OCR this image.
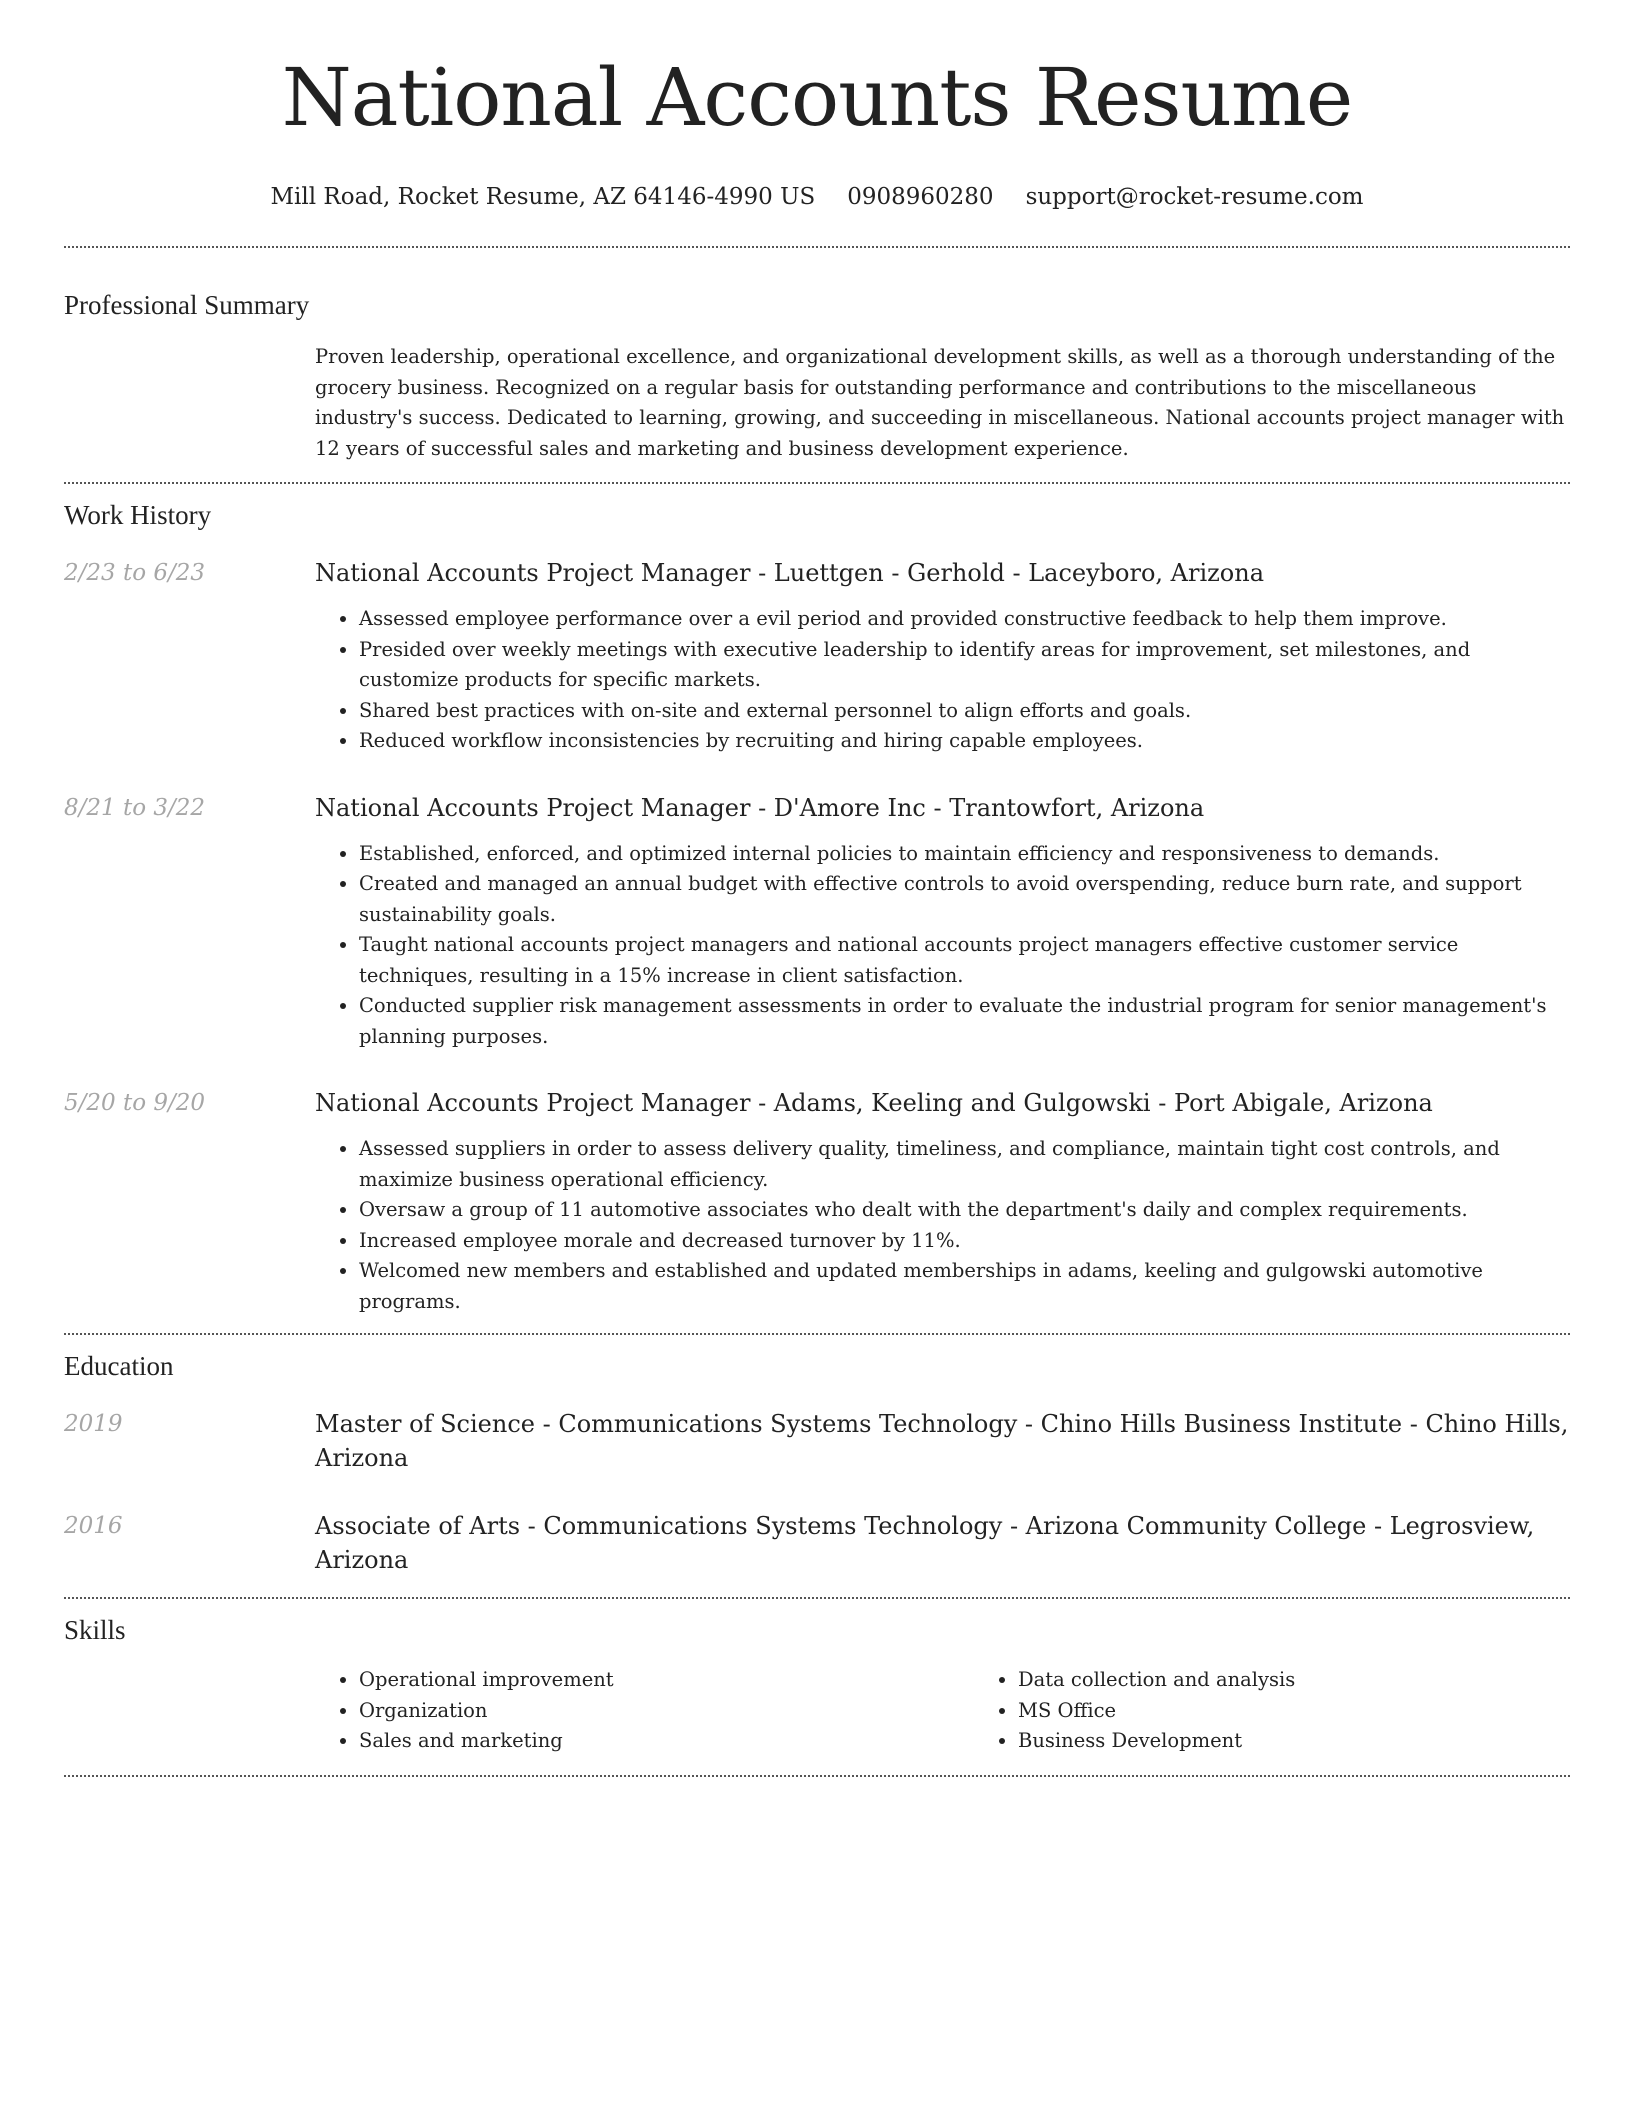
National Accounts Resume
Mill Road, Rocket Resume, AZ 64146-4990 US 0908960280 support@rocket-resume.com
Professional Summary
Proven leadership, operational excellence, and organizational development skills, as well as a thorough understanding of the grocery business. Recognized on a regular basis for outstanding performance and contributions to the miscellaneous industry's success. Dedicated to learning, growing, and succeeding in miscellaneous. National accounts project manager with 12 years of successful sales and marketing and business development experience.
Work History
2/23 to 6/23	National Accounts Project Manager - Luettgen - Gerhold - Laceyboro, Arizona
• Assessed employee performance over a evil period and provided constructive feedback to help them improve.
• Presided over weekly meetings with executive leadership to identify areas for improvement, set milestones, and customize products for specific markets.
• Shared best practices with on-site and external personnel to align efforts and goals.
• Reduced workflow inconsistencies by recruiting and hiring capable employees.
8/21 to 3/22	National Accounts Project Manager - D'Amore Inc - Trantowfort, Arizona
• Established, enforced, and optimized internal policies to maintain efficiency and responsiveness to demands.
• Created and managed an annual budget with effective controls to avoid overspending, reduce burn rate, and support sustainability goals.
• Taught national accounts project managers and national accounts project managers effective customer service techniques, resulting in a 15% increase in client satisfaction.
• Conducted supplier risk management assessments in order to evaluate the industrial program for senior management's planning purposes.
5/20 to 9/20	National Accounts Project Manager - Adams, Keeling and Gulgowski - Port Abigale, Arizona
• Assessed suppliers in order to assess delivery quality, timeliness, and compliance, maintain tight cost controls, and maximize business operational efficiency.
• Oversaw a group of 11 automotive associates who dealt with the department's daily and complex requirements.
• Increased employee morale and decreased turnover by 11%.
• Welcomed new members and established and updated memberships in adams, keeling and gulgowski automotive programs.
Education
2019	Master of Science - Communications Systems Technology - Chino Hills Business Institute - Chino Hills, Arizona
2016	Associate of Arts - Communications Systems Technology - Arizona Community College - Legrosview, Arizona
Skills
• Operational improvement
• Organization
• Sales and marketing
• Data collection and analysis
• MS Office
• Business Development
